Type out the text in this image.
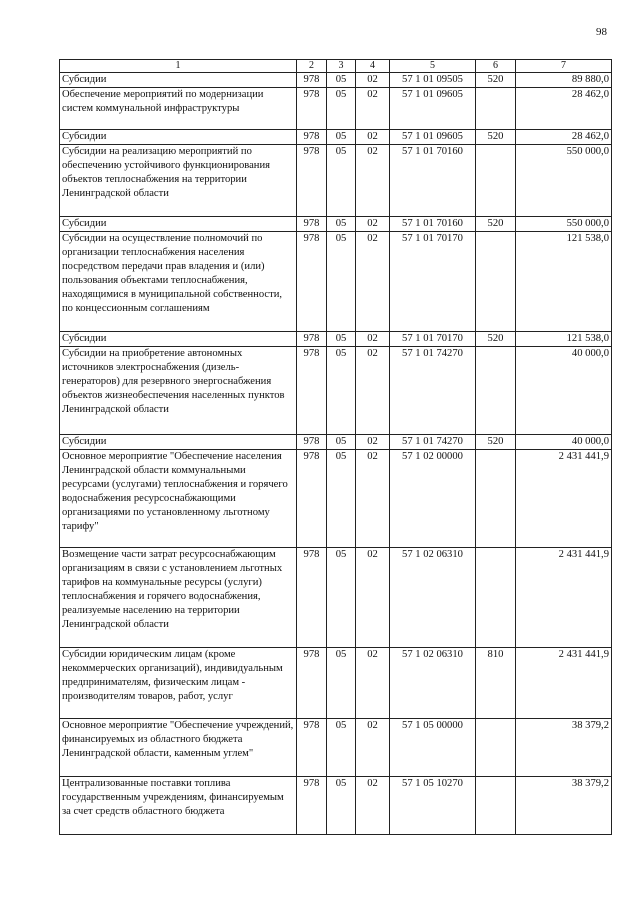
98
1	2	3	4	5	6	7
Субсидии	978	05	02	57 1 01 09505	520	89 880,0
Обеспечение мероприятий по модернизации систем коммунальной инфраструктуры	978	05	02	57 1 01 09605		28 462,0
Субсидии	978	05	02	57 1 01 09605	520	28 462,0
Субсидии на реализацию мероприятий по обеспечению устойчивого функционирования объектов теплоснабжения на территории Ленинградской области	978	05	02	57 1 01 70160		550 000,0
Субсидии	978	05	02	57 1 01 70160	520	550 000,0
Субсидии на осуществление полномочий по организации теплоснабжения населения посредством передачи прав владения и (или) пользования объектами теплоснабжения, находящимися в муниципальной собственности, по концессионным соглашениям	978	05	02	57 1 01 70170		121 538,0
Субсидии	978	05	02	57 1 01 70170	520	121 538,0
Субсидии на приобретение автономных источников электроснабжения (дизель-генераторов) для резервного энергоснабжения объектов жизнеобеспечения населенных пунктов Ленинградской области	978	05	02	57 1 01 74270		40 000,0
Субсидии	978	05	02	57 1 01 74270	520	40 000,0
Основное мероприятие "Обеспечение населения Ленинградской области коммунальными ресурсами (услугами) теплоснабжения и горячего водоснабжения ресурсоснабжающими организациями по установленному льготному тарифу"	978	05	02	57 1 02 00000		2 431 441,9
Возмещение части затрат ресурсоснабжающим организациям в связи с установлением льготных тарифов на коммунальные ресурсы (услуги) теплоснабжения и горячего водоснабжения, реализуемые населению на территории Ленинградской области	978	05	02	57 1 02 06310		2 431 441,9
Субсидии юридическим лицам (кроме некоммерческих организаций), индивидуальным предпринимателям, физическим лицам - производителям товаров, работ, услуг	978	05	02	57 1 02 06310	810	2 431 441,9
Основное мероприятие "Обеспечение учреждений, финансируемых из областного бюджета Ленинградской области, каменным углем"	978	05	02	57 1 05 00000		38 379,2
Централизованные поставки топлива государственным учреждениям, финансируемым за счет средств областного бюджета	978	05	02	57 1 05 10270		38 379,2
